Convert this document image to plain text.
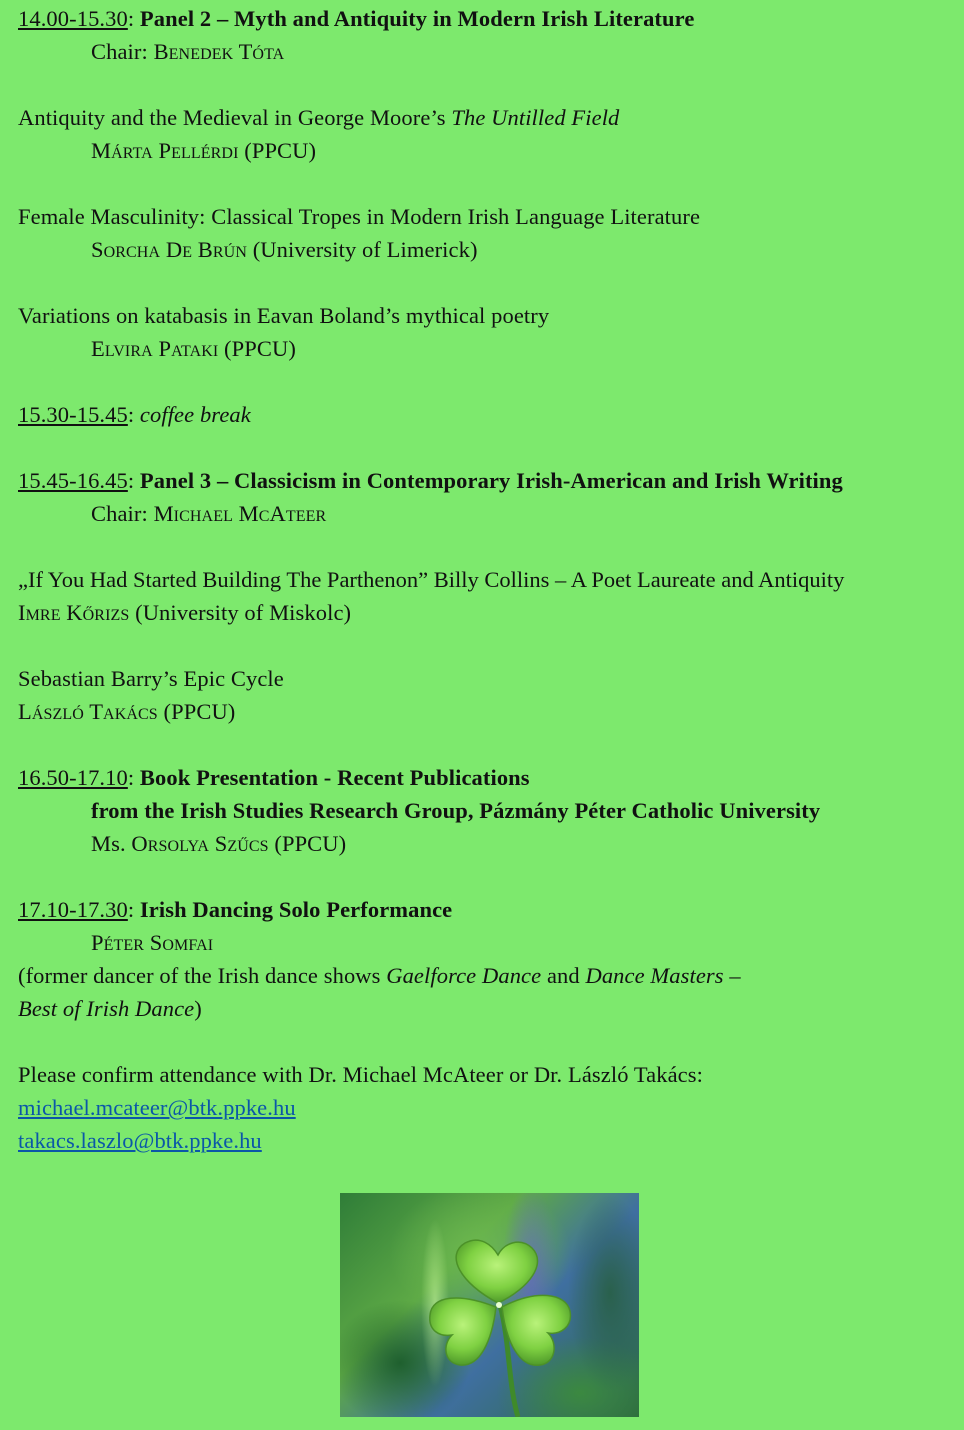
14.00-15.30: Panel 2 – Myth and Antiquity in Modern Irish Literature
Chair: Benedek Tóta
Antiquity and the Medieval in George Moore’s The Untilled Field
Márta Pellérdi (PPCU)
Female Masculinity: Classical Tropes in Modern Irish Language Literature
Sorcha De Brún (University of Limerick)
Variations on katabasis in Eavan Boland’s mythical poetry
Elvira Pataki (PPCU)
15.30-15.45: coffee break
15.45-16.45: Panel 3 – Classicism in Contemporary Irish-American and Irish Writing
Chair: Michael McAteer
„If You Had Started Building The Parthenon” Billy Collins – A Poet Laureate and Antiquity
Imre Kőrizs (University of Miskolc)
Sebastian Barry’s Epic Cycle
László Takács (PPCU)
16.50-17.10: Book Presentation - Recent Publications
from the Irish Studies Research Group, Pázmány Péter Catholic University
Ms. Orsolya Szűcs (PPCU)
17.10-17.30: Irish Dancing Solo Performance
Péter Somfai
(former dancer of the Irish dance shows Gaelforce Dance and Dance Masters –
Best of Irish Dance)
Please confirm attendance with Dr. Michael McAteer or Dr. László Takács:
michael.mcateer@btk.ppke.hu
takacs.laszlo@btk.ppke.hu
